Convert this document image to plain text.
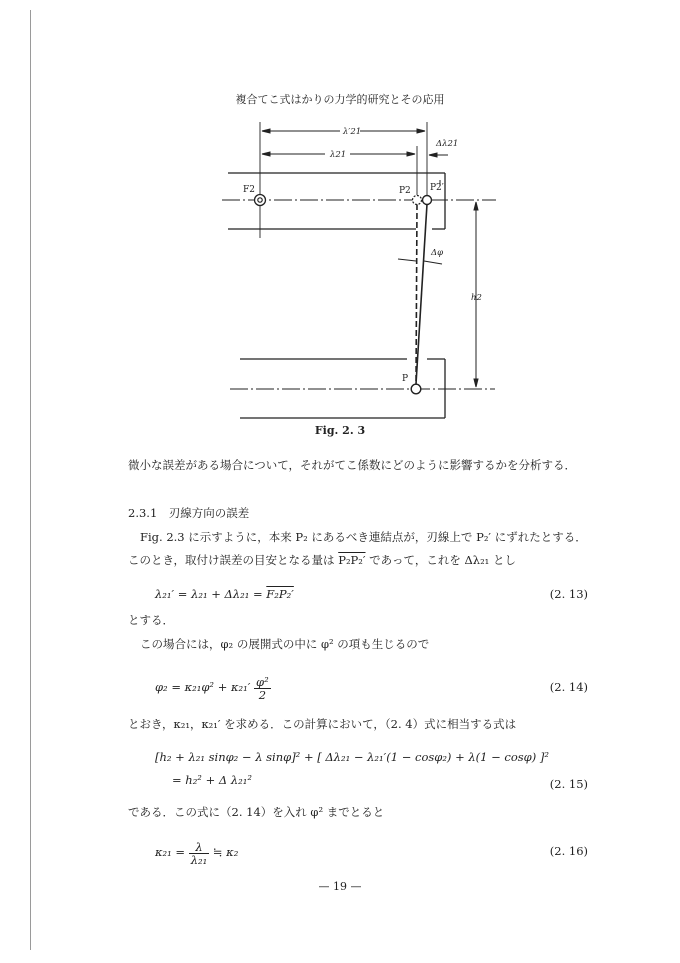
複合てこ式はかりの力学的研究とその応用
λ′21
λ21
Δλ21
Δφ
h2
F2	P2 P2′
P
Fig. 2. 3
微小な誤差がある場合について，それがてこ係数にどのように影響するかを分析する．
2.3.1　刃線方向の誤差
Fig. 2.3 に示すように，本来 P₂ にあるべき連結点が，刃線上で P₂′ にずれたとする．
このとき，取付け誤差の目安となる量は P₂P₂′ であって，これを Δλ₂₁ とし
λ₂₁′ = λ₂₁ + Δλ₂₁ = F₂P₂′	(2. 13)
とする．
この場合には，φ₂ の展開式の中に φ² の項も生じるので
$\varphi_2 = \kappa_{21}\varphi^2 + \kappa_{21}' \frac{\text{φ²}}{2}$	(2. 14)
とおき，κ₂₁，κ₂₁′ を求める．この計算において，（2. 4）式に相当する式は
[h₂ + λ₂₁ sinφ₂ − λ sinφ]² + [ Δλ₂₁ − λ₂₁′(1 − cosφ₂) + λ(1 − cosφ) ]²
= h₂² + Δ λ₂₁²	(2. 15)
である．この式に（2. 14）を入れ φ² までとると
$\kappa_{21} = \frac{\lambda}{\text{λ₂₁}}$ ≒ κ₂	(2. 16)
— 19 —
